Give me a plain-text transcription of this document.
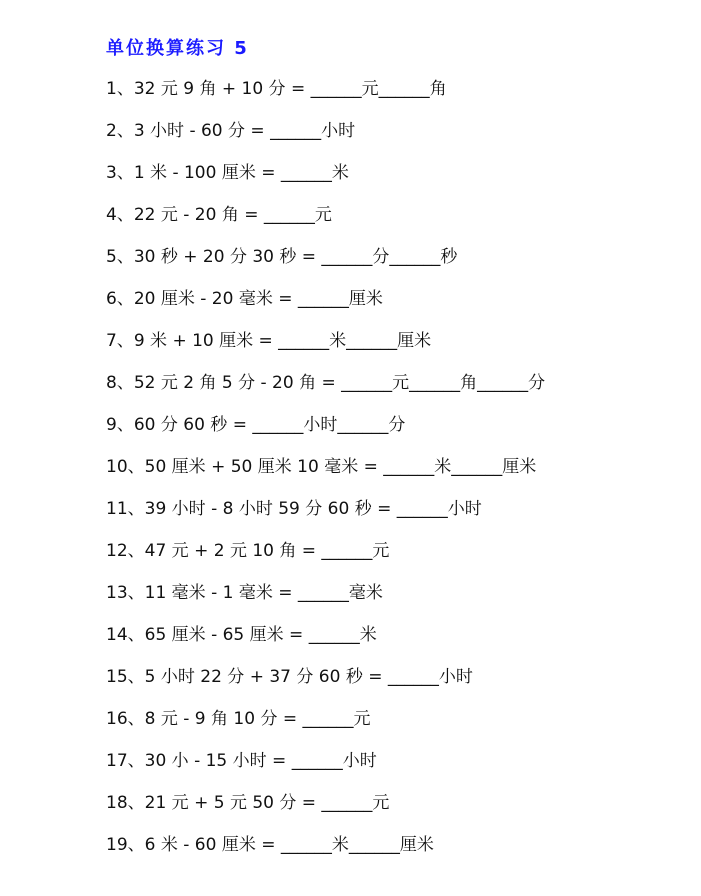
单位换算练习 5
1、32 元 9 角 + 10 分 = ______元______角
2、3 小时 - 60 分 = ______小时
3、1 米 - 100 厘米 = ______米
4、22 元 - 20 角 = ______元
5、30 秒 + 20 分 30 秒 = ______分______秒
6、20 厘米 - 20 毫米 = ______厘米
7、9 米 + 10 厘米 = ______米______厘米
8、52 元 2 角 5 分 - 20 角 = ______元______角______分
9、60 分 60 秒 = ______小时______分
10、50 厘米 + 50 厘米 10 毫米 = ______米______厘米
11、39 小时 - 8 小时 59 分 60 秒 = ______小时
12、47 元 + 2 元 10 角 = ______元
13、11 毫米 - 1 毫米 = ______毫米
14、65 厘米 - 65 厘米 = ______米
15、5 小时 22 分 + 37 分 60 秒 = ______小时
16、8 元 - 9 角 10 分 = ______元
17、30 小 - 15 小时 = ______小时
18、21 元 + 5 元 50 分 = ______元
19、6 米 - 60 厘米 = ______米______厘米
